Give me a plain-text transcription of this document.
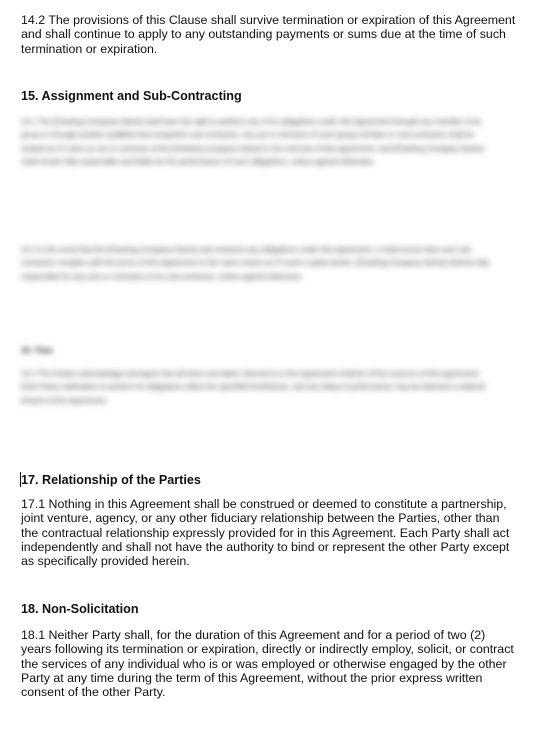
14.2 The provisions of this Clause shall survive termination or expiration of this Agreement and shall continue to apply to any outstanding payments or sums due at the time of such termination or expiration.

15. Assignment and Sub-Contracting

15.1 The [Charting Company Name] shall have the right to perform any of its obligations under this Agreement through any member of its group or through another qualified and competent sub-contractor. Any act or omission of such group member or sub-contractor shall be treated as if it were an act or omission of the [Charting Company Name] in the exercise of this Agreement, and [Charting Company Name] shall remain fully responsible and liable for the performance of such obligations, unless agreed otherwise.

15.2 In the event that the [Charting Company Name] sub-contracts any obligations under this Agreement, it shall ensure that such sub-contractor complies with the terms of this Agreement to the same extent as if it were a party hereto. [Charting Company Name] shall be fully responsible for any acts or omissions of its sub-contractor, unless agreed otherwise.

16. Time

16.1 The Parties acknowledge and agree that all times and dates referred to in this Agreement shall be of the essence of this Agreement. Each Party undertakes to perform its obligations within the specified timeframes, and any delay in performance may be deemed a material breach of this Agreement.

17. Relationship of the Parties

17.1 Nothing in this Agreement shall be construed or deemed to constitute a partnership, joint venture, agency, or any other fiduciary relationship between the Parties, other than the contractual relationship expressly provided for in this Agreement. Each Party shall act independently and shall not have the authority to bind or represent the other Party except as specifically provided herein.

18. Non-Solicitation

18.1 Neither Party shall, for the duration of this Agreement and for a period of two (2) years following its termination or expiration, directly or indirectly employ, solicit, or contract the services of any individual who is or was employed or otherwise engaged by the other Party at any time during the term of this Agreement, without the prior express written consent of the other Party.
